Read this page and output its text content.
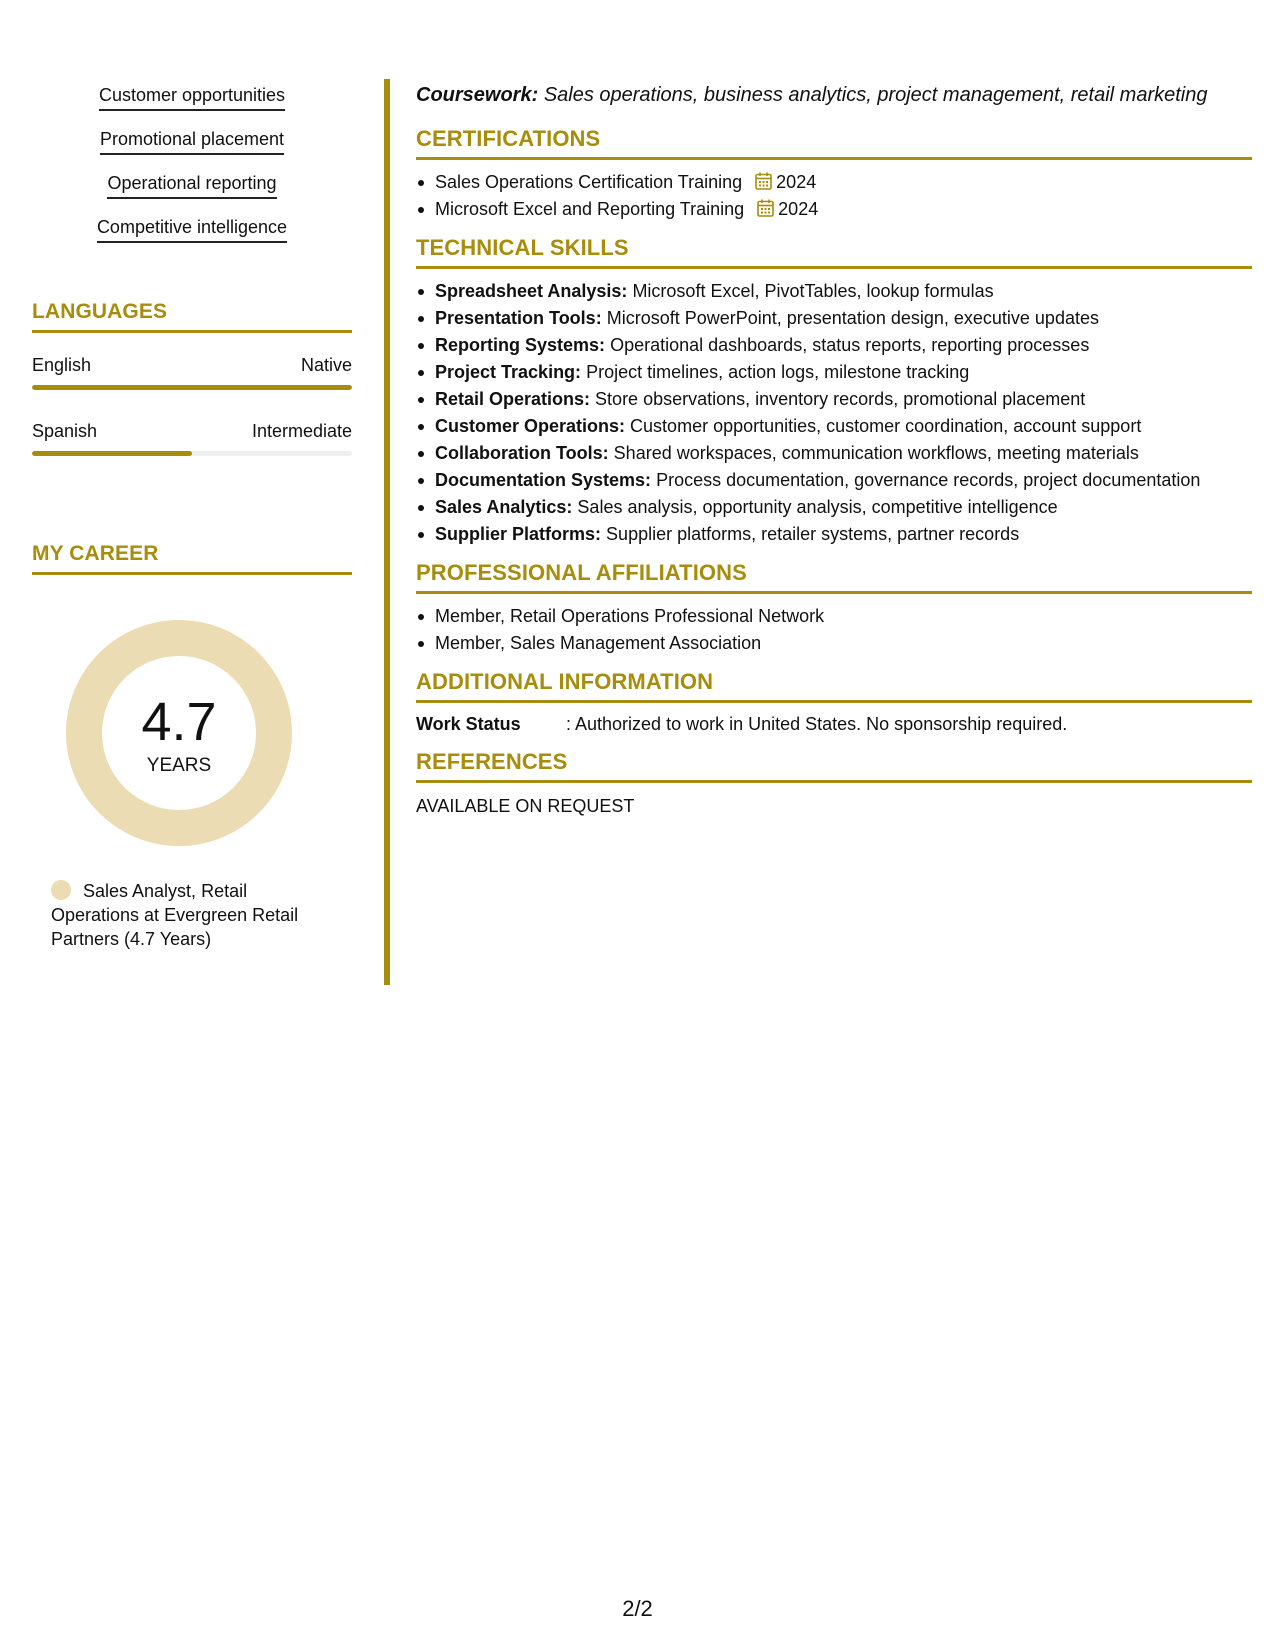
Customer opportunities
Promotional placement
Operational reporting
Competitive intelligence
LANGUAGES
English	Native
Spanish	Intermediate
MY CAREER
4.7
YEARS
Sales Analyst, Retail Operations at Evergreen Retail Partners (4.7 Years)
Coursework: Sales operations, business analytics, project management, retail marketing
CERTIFICATIONS
Sales Operations Certification Training 2024
Microsoft Excel and Reporting Training 2024
TECHNICAL SKILLS
Spreadsheet Analysis: Microsoft Excel, PivotTables, lookup formulas
Presentation Tools: Microsoft PowerPoint, presentation design, executive updates
Reporting Systems: Operational dashboards, status reports, reporting processes
Project Tracking: Project timelines, action logs, milestone tracking
Retail Operations: Store observations, inventory records, promotional placement
Customer Operations: Customer opportunities, customer coordination, account support
Collaboration Tools: Shared workspaces, communication workflows, meeting materials
Documentation Systems: Process documentation, governance records, project documentation
Sales Analytics: Sales analysis, opportunity analysis, competitive intelligence
Supplier Platforms: Supplier platforms, retailer systems, partner records
PROFESSIONAL AFFILIATIONS
Member, Retail Operations Professional Network
Member, Sales Management Association
ADDITIONAL INFORMATION
Work Status	: Authorized to work in United States. No sponsorship required.
REFERENCES
AVAILABLE ON REQUEST
2/2
